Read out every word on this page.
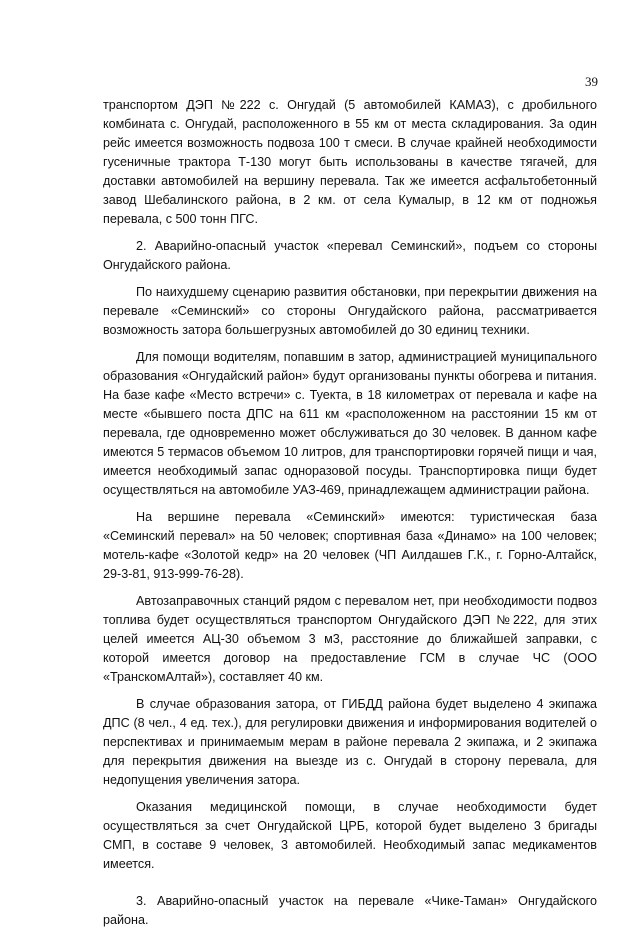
39

транспортом ДЭП №222 с. Онгудай (5 автомобилей КАМАЗ), с дробильного комбината с. Онгудай, расположенного в 55 км от места складирования. За один рейс имеется возможность подвоза 100 т смеси. В случае крайней необходимости гусеничные трактора Т-130 могут быть использованы в качестве тягачей, для доставки автомобилей на вершину перевала. Так же имеется асфальтобетонный завод Шебалинского района, в 2 км. от села Кумалыр, в 12 км от подножья перевала, с 500 тонн ПГС.

2. Аварийно-опасный участок «перевал Семинский», подъем со стороны Онгудайского района.

По наихудшему сценарию развития обстановки, при перекрытии движения на перевале «Семинский» со стороны Онгудайского района, рассматривается возможность затора большегрузных автомобилей до 30 единиц техники.

Для помощи водителям, попавшим в затор, администрацией муниципального образования «Онгудайский район» будут организованы пункты обогрева и питания. На базе кафе «Место встречи» с. Туекта, в 18 километрах от перевала и кафе на месте «бывшего поста ДПС на 611 км «расположенном на расстоянии 15 км от перевала, где одновременно может обслуживаться до 30 человек. В данном кафе имеются 5 термасов объемом 10 литров, для транспортировки горячей пищи и чая, имеется необходимый запас одноразовой посуды. Транспортировка пищи будет осуществляться на автомобиле УАЗ-469, принадлежащем администрации района.

На вершине перевала «Семинский» имеются: туристическая база «Семинский перевал» на 50 человек; спортивная база «Динамо» на 100 человек; мотель-кафе «Золотой кедр» на 20 человек (ЧП Аилдашев Г.К., г. Горно-Алтайск, 29-3-81, 913-999-76-28).

Автозаправочных станций рядом с перевалом нет, при необходимости подвоз топлива будет осуществляться транспортом Онгудайского ДЭП №222, для этих целей имеется АЦ-30 объемом 3 м3, расстояние до ближайшей заправки, с которой имеется договор на предоставление ГСМ в случае ЧС (ООО «ТранскомАлтай»), составляет 40 км.

В случае образования затора, от ГИБДД района будет выделено 4 экипажа ДПС (8 чел., 4 ед. тех.), для регулировки движения и информирования водителей о перспективах и принимаемым мерам в районе перевала 2 экипажа, и 2 экипажа для перекрытия движения на выезде из с. Онгудай в сторону перевала, для недопущения увеличения затора.

Оказания медицинской помощи, в случае необходимости будет осуществляться за счет Онгудайской ЦРБ, которой будет выделено 3 бригады СМП, в составе 9 человек, 3 автомобилей. Необходимый запас медикаментов имеется.

3. Аварийно-опасный участок на перевале «Чике-Таман» Онгудайского района.
